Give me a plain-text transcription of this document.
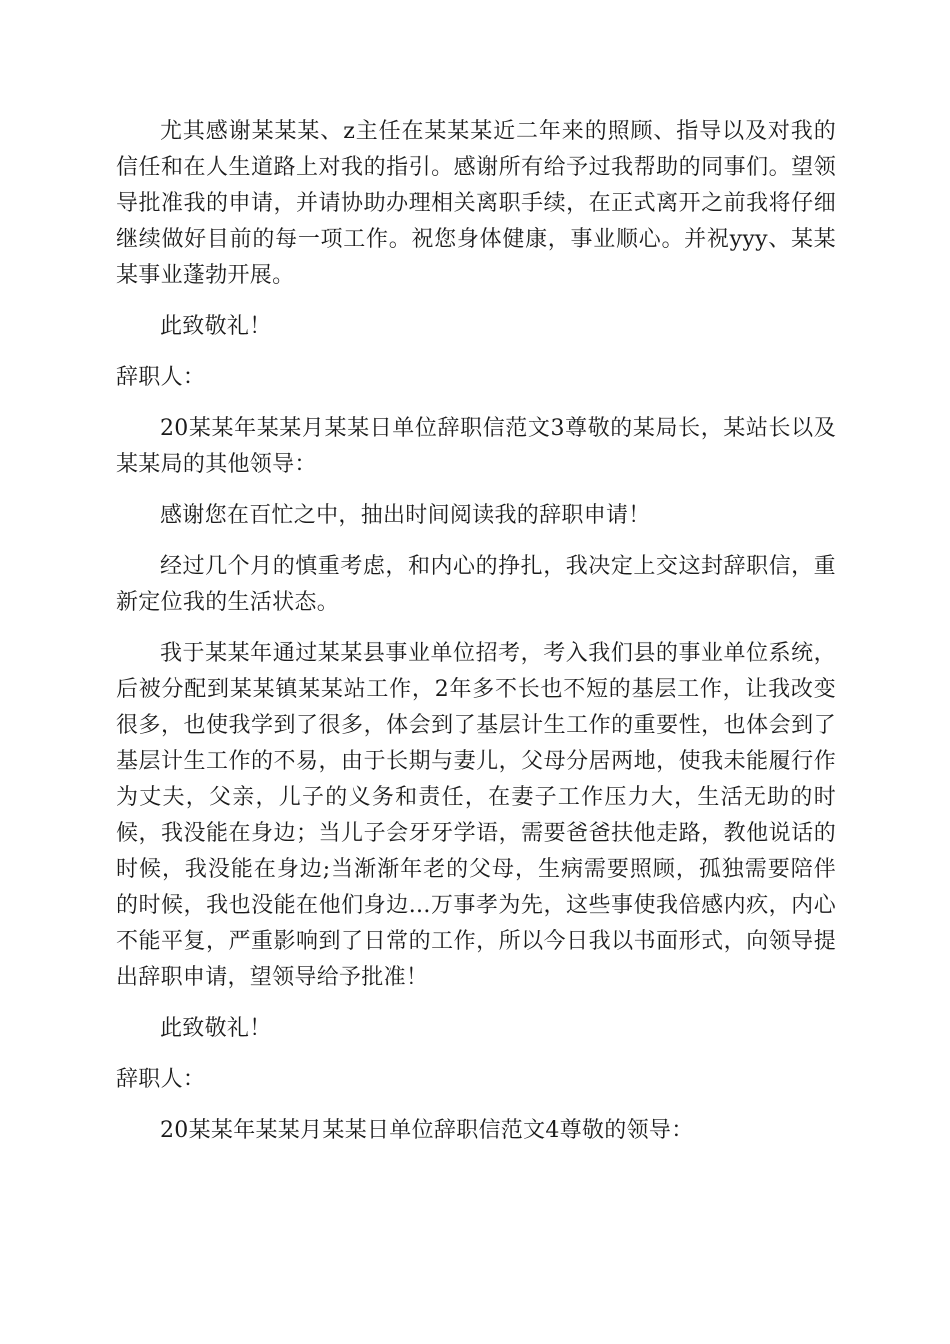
尤其感谢某某某、z主任在某某某近二年来的照顾、指导以及对我的信任和在人生道路上对我的指引。感谢所有给予过我帮助的同事们。望领导批准我的申请，并请协助办理相关离职手续，在正式离开之前我将仔细继续做好目前的每一项工作。祝您身体健康，事业顺心。并祝yyy、某某某事业蓬勃开展。

此致敬礼！

辞职人：

20某某年某某月某某日单位辞职信范文3尊敬的某局长，某站长以及某某局的其他领导：

感谢您在百忙之中，抽出时间阅读我的辞职申请！

经过几个月的慎重考虑，和内心的挣扎，我决定上交这封辞职信，重新定位我的生活状态。

我于某某年通过某某县事业单位招考，考入我们县的事业单位系统，后被分配到某某镇某某站工作，2年多不长也不短的基层工作，让我改变很多，也使我学到了很多，体会到了基层计生工作的重要性，也体会到了基层计生工作的不易，由于长期与妻儿，父母分居两地，使我未能履行作为丈夫，父亲，儿子的义务和责任，在妻子工作压力大，生活无助的时候，我没能在身边；当儿子会牙牙学语，需要爸爸扶他走路，教他说话的时候，我没能在身边;当渐渐年老的父母，生病需要照顾，孤独需要陪伴的时候，我也没能在他们身边...万事孝为先，这些事使我倍感内疚，内心不能平复，严重影响到了日常的工作，所以今日我以书面形式，向领导提出辞职申请，望领导给予批准！

此致敬礼！

辞职人：

20某某年某某月某某日单位辞职信范文4尊敬的领导：
